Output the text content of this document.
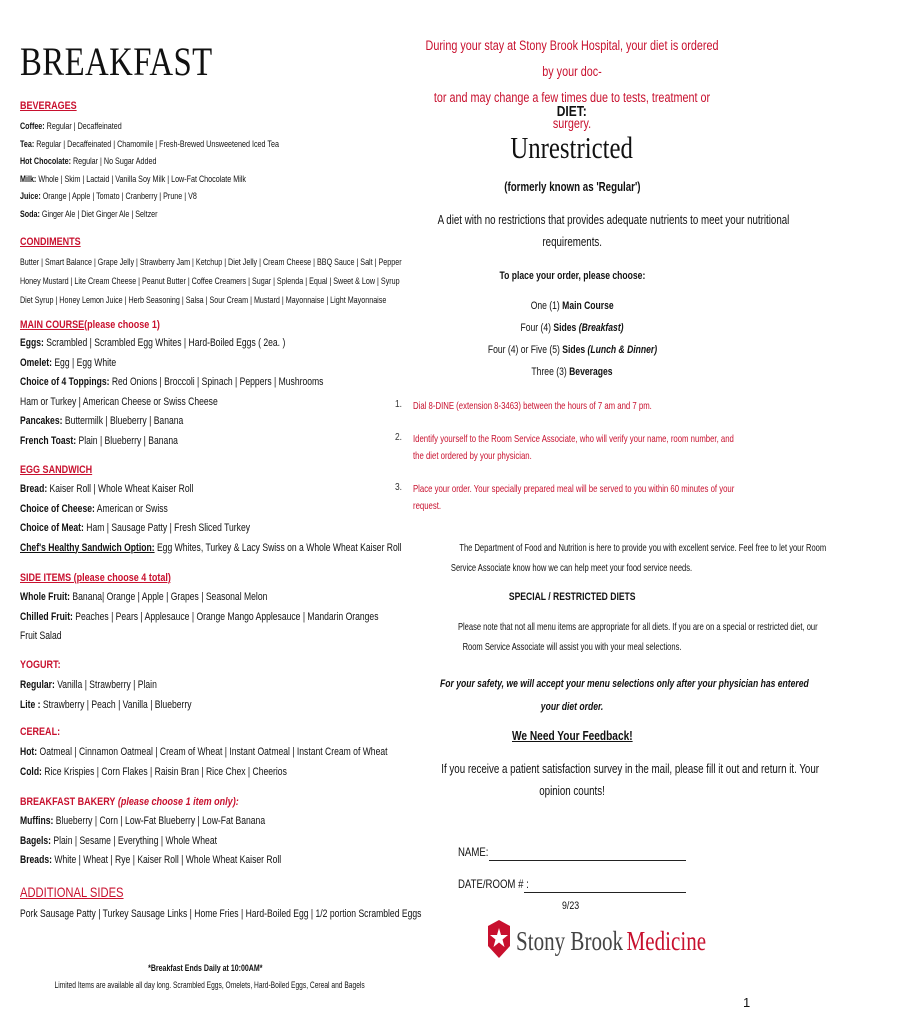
BREAKFAST
BEVERAGES
Coffee: Regular | Decaffeinated
Tea: Regular | Decaffeinated | Chamomile | Fresh-Brewed Unsweetened Iced Tea
Hot Chocolate: Regular | No Sugar Added
Milk: Whole | Skim | Lactaid | Vanilla Soy Milk | Low-Fat Chocolate Milk
Juice: Orange | Apple | Tomato | Cranberry | Prune | V8
Soda: Ginger Ale | Diet Ginger Ale | Seltzer
CONDIMENTS
Butter | Smart Balance | Grape Jelly | Strawberry Jam | Ketchup | Diet Jelly | Cream Cheese | BBQ Sauce | Salt | Pepper
Honey Mustard | Lite Cream Cheese | Peanut Butter | Coffee Creamers | Sugar | Splenda | Equal | Sweet & Low | Syrup
Diet Syrup | Honey Lemon Juice | Herb Seasoning | Salsa | Sour Cream | Mustard | Mayonnaise | Light Mayonnaise
MAIN COURSE(please choose 1)
Eggs: Scrambled | Scrambled Egg Whites | Hard-Boiled Eggs ( 2ea. )
Omelet: Egg | Egg White
Choice of 4 Toppings: Red Onions | Broccoli | Spinach | Peppers | Mushrooms
Ham or Turkey | American Cheese or Swiss Cheese
Pancakes: Buttermilk | Blueberry | Banana
French Toast: Plain | Blueberry | Banana
EGG SANDWICH
Bread: Kaiser Roll | Whole Wheat Kaiser Roll
Choice of Cheese: American or Swiss
Choice of Meat: Ham | Sausage Patty | Fresh Sliced Turkey
Chef's Healthy Sandwich Option: Egg Whites, Turkey & Lacy Swiss on a Whole Wheat Kaiser Roll
SIDE ITEMS (please choose 4 total)
Whole Fruit: Banana| Orange | Apple | Grapes | Seasonal Melon
Chilled Fruit: Peaches | Pears | Applesauce | Orange Mango Applesauce | Mandarin Oranges
Fruit Salad
YOGURT:
Regular: Vanilla | Strawberry | Plain
Lite : Strawberry | Peach | Vanilla | Blueberry
CEREAL:
Hot: Oatmeal | Cinnamon Oatmeal | Cream of Wheat | Instant Oatmeal | Instant Cream of Wheat
Cold: Rice Krispies | Corn Flakes | Raisin Bran | Rice Chex | Cheerios
BREAKFAST BAKERY (please choose 1 item only):
Muffins: Blueberry | Corn | Low-Fat Blueberry | Low-Fat Banana
Bagels: Plain | Sesame | Everything | Whole Wheat
Breads: White | Wheat | Rye | Kaiser Roll | Whole Wheat Kaiser Roll
ADDITIONAL SIDES
Pork Sausage Patty | Turkey Sausage Links | Home Fries | Hard-Boiled Egg | 1/2 portion Scrambled Eggs
*Breakfast Ends Daily at 10:00AM*
Limited Items are available all day long. Scrambled Eggs, Omelets, Hard-Boiled Eggs, Cereal and Bagels
During your stay at Stony Brook Hospital, your diet is ordered by your doc-
tor and may change a few times due to tests, treatment or surgery.
DIET:
Unrestricted
(formerly known as 'Regular')
A diet with no restrictions that provides adequate nutrients to meet your nutritional
requirements.
To place your order, please choose:
One (1) Main Course
Four (4) Sides (Breakfast)
Four (4) or Five (5) Sides (Lunch & Dinner)
Three (3) Beverages
1. Dial 8-DINE (extension 8-3463) between the hours of 7 am and 7 pm.
2. Identify yourself to the Room Service Associate, who will verify your name, room number, and
the diet ordered by your physician.
3. Place your order. Your specially prepared meal will be served to you within 60 minutes of your
request.
The Department of Food and Nutrition is here to provide you with excellent service. Feel free to let your Room
Service Associate know how we can help meet your food service needs.
SPECIAL / RESTRICTED DIETS
Please note that not all menu items are appropriate for all diets. If you are on a special or restricted diet, our
Room Service Associate will assist you with your meal selections.
For your safety, we will accept your menu selections only after your physician has entered
your diet order.
We Need Your Feedback!
If you receive a patient satisfaction survey in the mail, please fill it out and return it. Your
opinion counts!
NAME:
DATE/ROOM # :
9/23
Stony Brook Medicine
1
